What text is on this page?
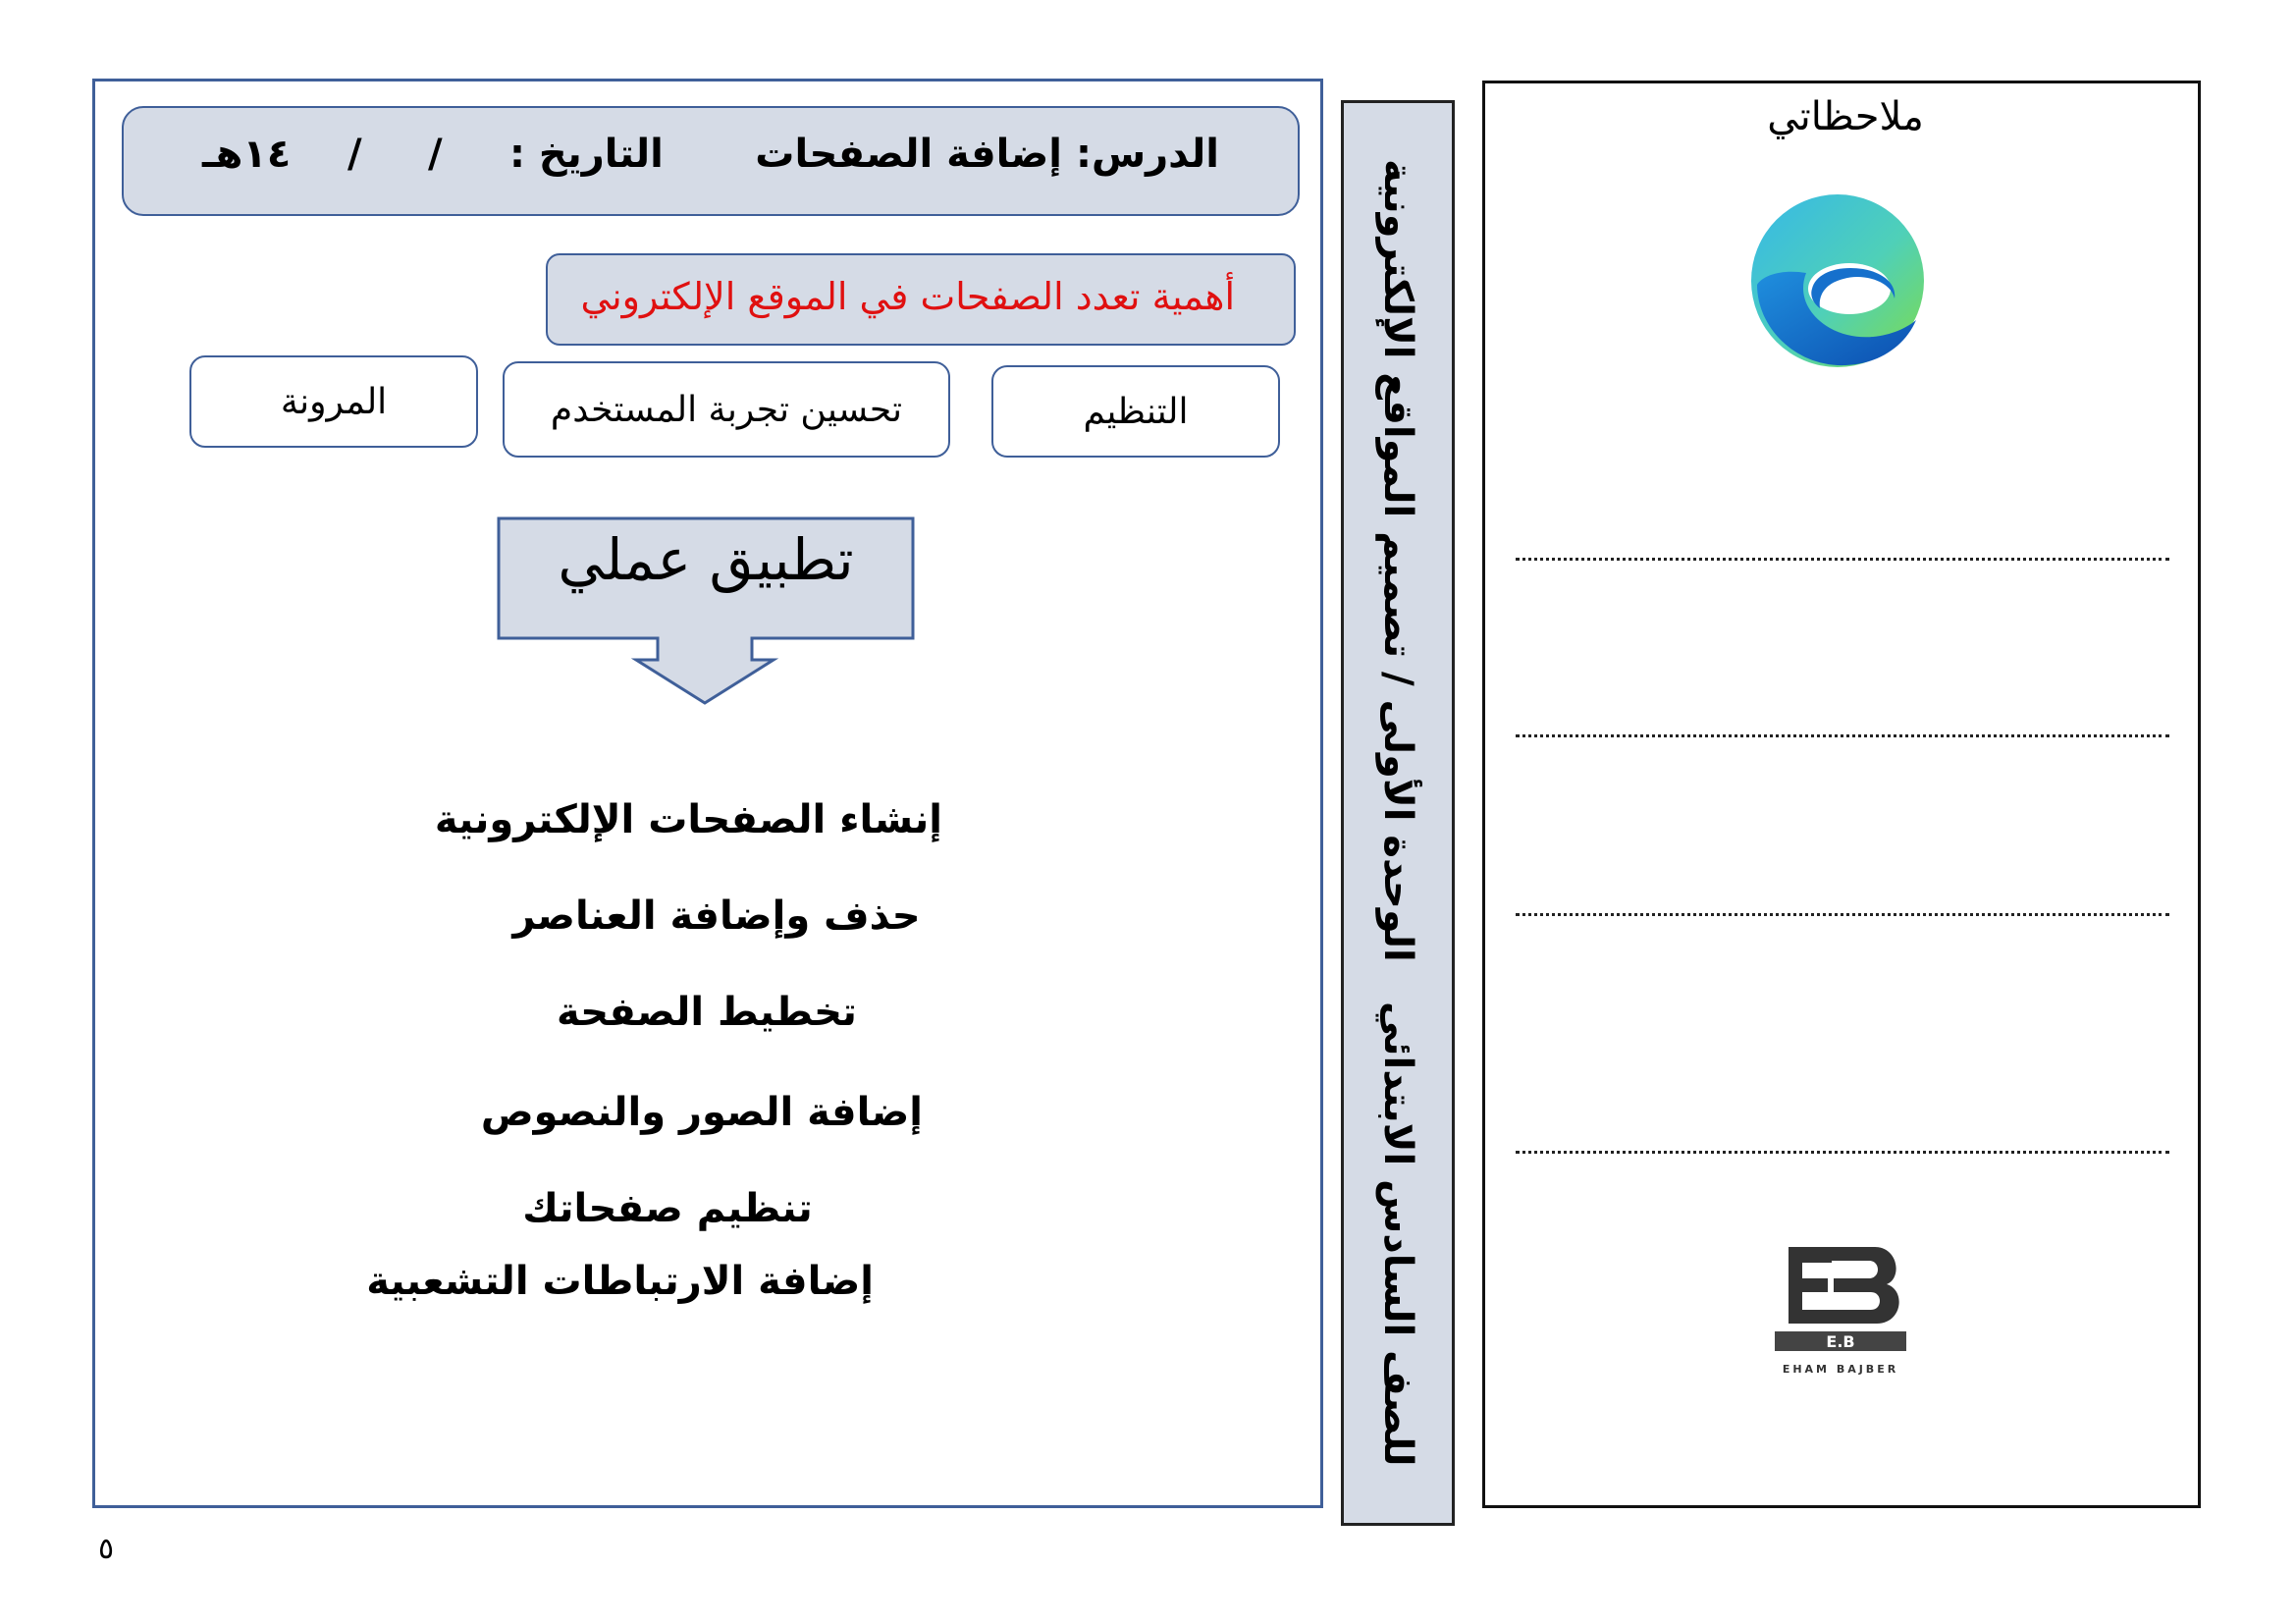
الدرس: إضافة الصفحات
التاريخ :
/
/
١٤هـ
أهمية تعدد الصفحات في الموقع الإلكتروني
التنظيم
تحسين تجربة المستخدم
المرونة
تطبيق عملي
إنشاء الصفحات الإلكترونية
حذف وإضافة العناصر
تخطيط الصفحة
إضافة الصور والنصوص
تنظيم صفحاتك
إضافة الارتباطات التشعبية
الوحدة الأولى / تصميم المواقع الإلكترونية
للصف السادس الابتدائي
ملاحظاتي
E.B
EHAM BAJBER
٥
